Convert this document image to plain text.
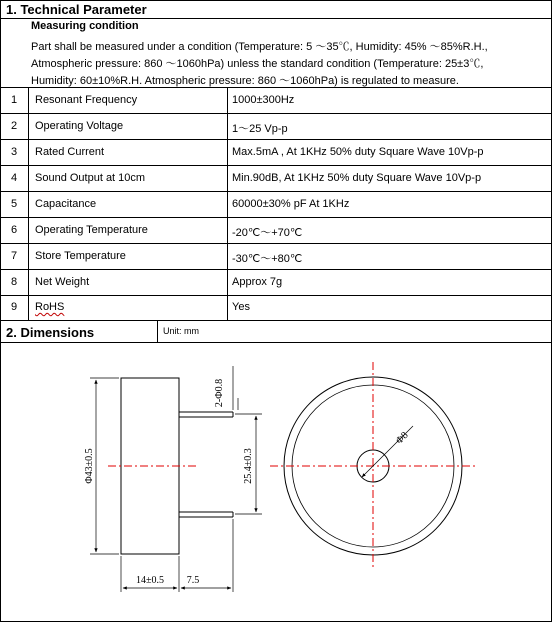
1. Technical Parameter
Measuring condition
Part shall be measured under a condition (Temperature: 5 ～35℃, Humidity: 45% ～85%R.H.,
Atmospheric pressure: 860 ～1060hPa) unless the standard condition (Temperature: 25±3℃,
Humidity: 60±10%R.H. Atmospheric pressure: 860 ～1060hPa) is regulated to measure.
1	Resonant Frequency	1000±300Hz
2	Operating Voltage	1～25 Vp-p
3	Rated Current	Max.5mA , At 1KHz 50% duty Square Wave 10Vp-p
4	Sound Output at 10cm	Min.90dB, At 1KHz 50% duty Square Wave 10Vp-p
5	Capacitance	60000±30% pF At 1KHz
6	Operating Temperature	-20℃～+70℃
7	Store Temperature	-30℃～+80℃
8	Net Weight	Approx 7g
9	RoHS	Yes
2. Dimensions	Unit: mm
Φ43±0.5
2-Φ0.8
25.4±0.3
14±0.5 7.5
Φ8
